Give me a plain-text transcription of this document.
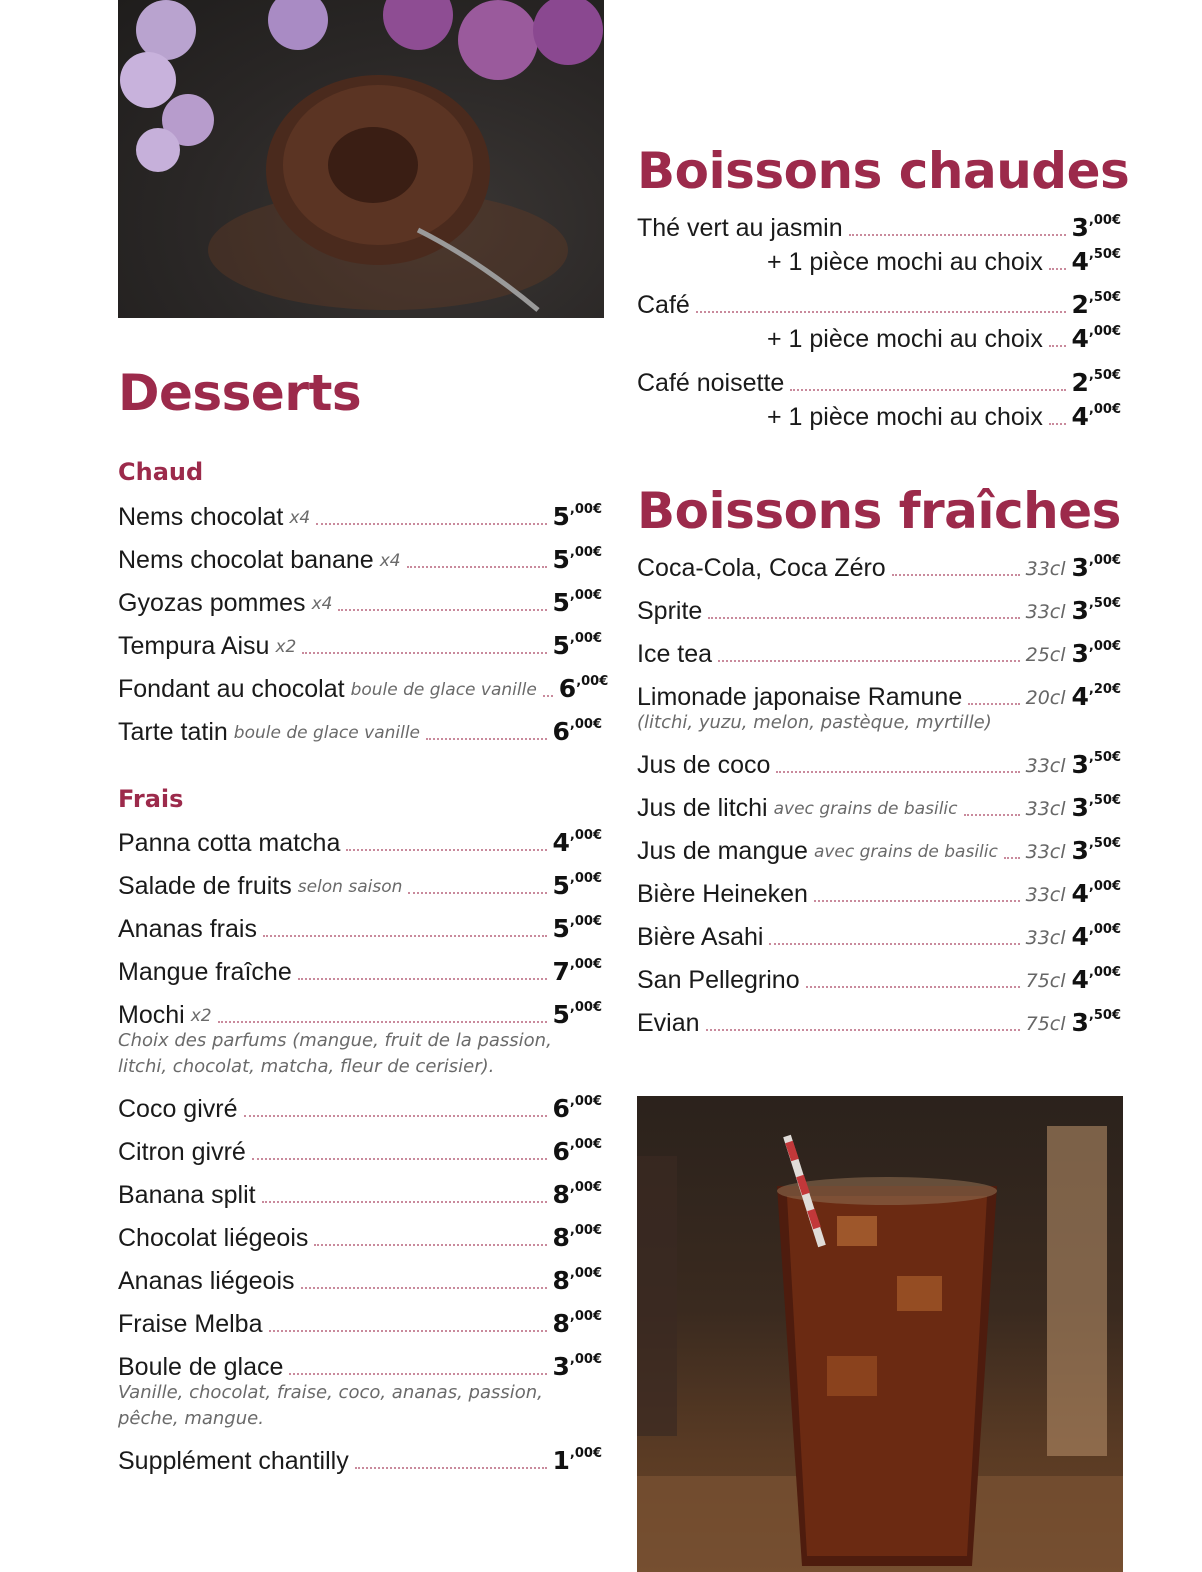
Desserts
Chaud
Nems chocolat x4	$5^{,00€}$
Nems chocolat banane x4	$5^{,00€}$
Gyozas pommes x4	$5^{,00€}$
Tempura Aisu x2	$5^{,00€}$
Fondant au chocolat boule de glace vanille $6^{,00€}$
Tarte tatin boule de glace vanille	$6^{,00€}$
Frais
Panna cotta matcha	$4^{,00€}$
Salade de fruits selon saison	$5^{,00€}$
Ananas frais	$5^{,00€}$
Mangue fraîche	$7^{,00€}$
Mochi x2	$5^{,00€}$
Choix des parfums (mangue, fruit de la passion, litchi, chocolat, matcha, fleur de cerisier).
Coco givré	$6^{,00€}$
Citron givré	$6^{,00€}$
Banana split	$8^{,00€}$
Chocolat liégeois	$8^{,00€}$
Ananas liégeois	$8^{,00€}$
Fraise Melba	$8^{,00€}$
Boule de glace	$3^{,00€}$
Vanille, chocolat, fraise, coco, ananas, passion, pêche, mangue.
Supplément chantilly	$1^{,00€}$
Boissons chaudes
Thé vert au jasmin	$3^{,00€}$
+ 1 pièce mochi au choix $4^{,50€}$
Café	$2^{,50€}$
+ 1 pièce mochi au choix $4^{,00€}$
Café noisette	$2^{,50€}$
+ 1 pièce mochi au choix $4^{,00€}$
Boissons fraîches
Coca-Cola, Coca Zéro	33cl $3^{,00€}$
Sprite	33cl $3^{,50€}$
Ice tea	25cl $3^{,00€}$
Limonade japonaise Ramune	20cl $4^{,20€}$
(litchi, yuzu, melon, pastèque, myrtille)
Jus de coco	33cl $3^{,50€}$
Jus de litchi avec grains de basilic	33cl $3^{,50€}$
Jus de mangue avec grains de basilic 33cl $3^{,50€}$
Bière Heineken	33cl $4^{,00€}$
Bière Asahi	33cl $4^{,00€}$
San Pellegrino	75cl $4^{,00€}$
Evian	75cl $3^{,50€}$
